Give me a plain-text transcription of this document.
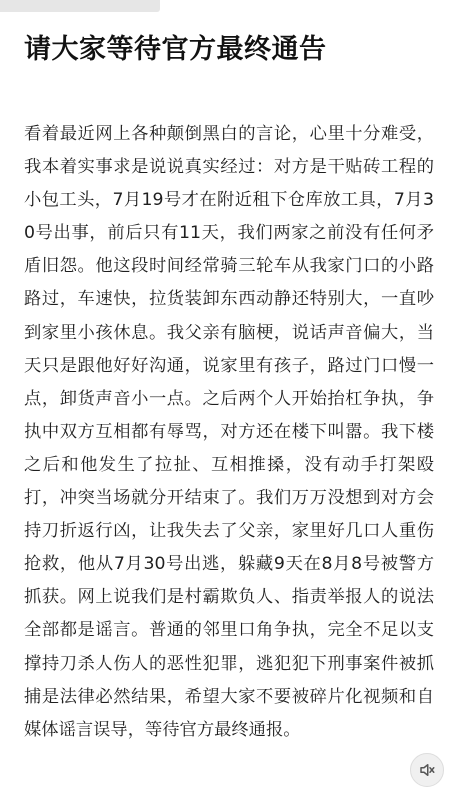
请大家等待官方最终通告

看着最近网上各种颠倒黑白的言论，心里十分难受，我本着实事求是说说真实经过：对方是干贴砖工程的小包工头，7月19号才在附近租下仓库放工具，7月30号出事，前后只有11天，我们两家之前没有任何矛盾旧怨。他这段时间经常骑三轮车从我家门口的小路路过，车速快，拉货装卸东西动静还特别大，一直吵到家里小孩休息。我父亲有脑梗，说话声音偏大，当天只是跟他好好沟通，说家里有孩子，路过门口慢一点，卸货声音小一点。之后两个人开始抬杠争执，争执中双方互相都有辱骂，对方还在楼下叫嚣。我下楼之后和他发生了拉扯、互相推搡，没有动手打架殴打，冲突当场就分开结束了。我们万万没想到对方会持刀折返行凶，让我失去了父亲，家里好几口人重伤抢救，他从7月30号出逃，躲藏9天在8月8号被警方抓获。网上说我们是村霸欺负人、指责举报人的说法全部都是谣言。普通的邻里口角争执，完全不足以支撑持刀杀人伤人的恶性犯罪，逃犯犯下刑事案件被抓捕是法律必然结果，希望大家不要被碎片化视频和自媒体谣言误导，等待官方最终通报。
